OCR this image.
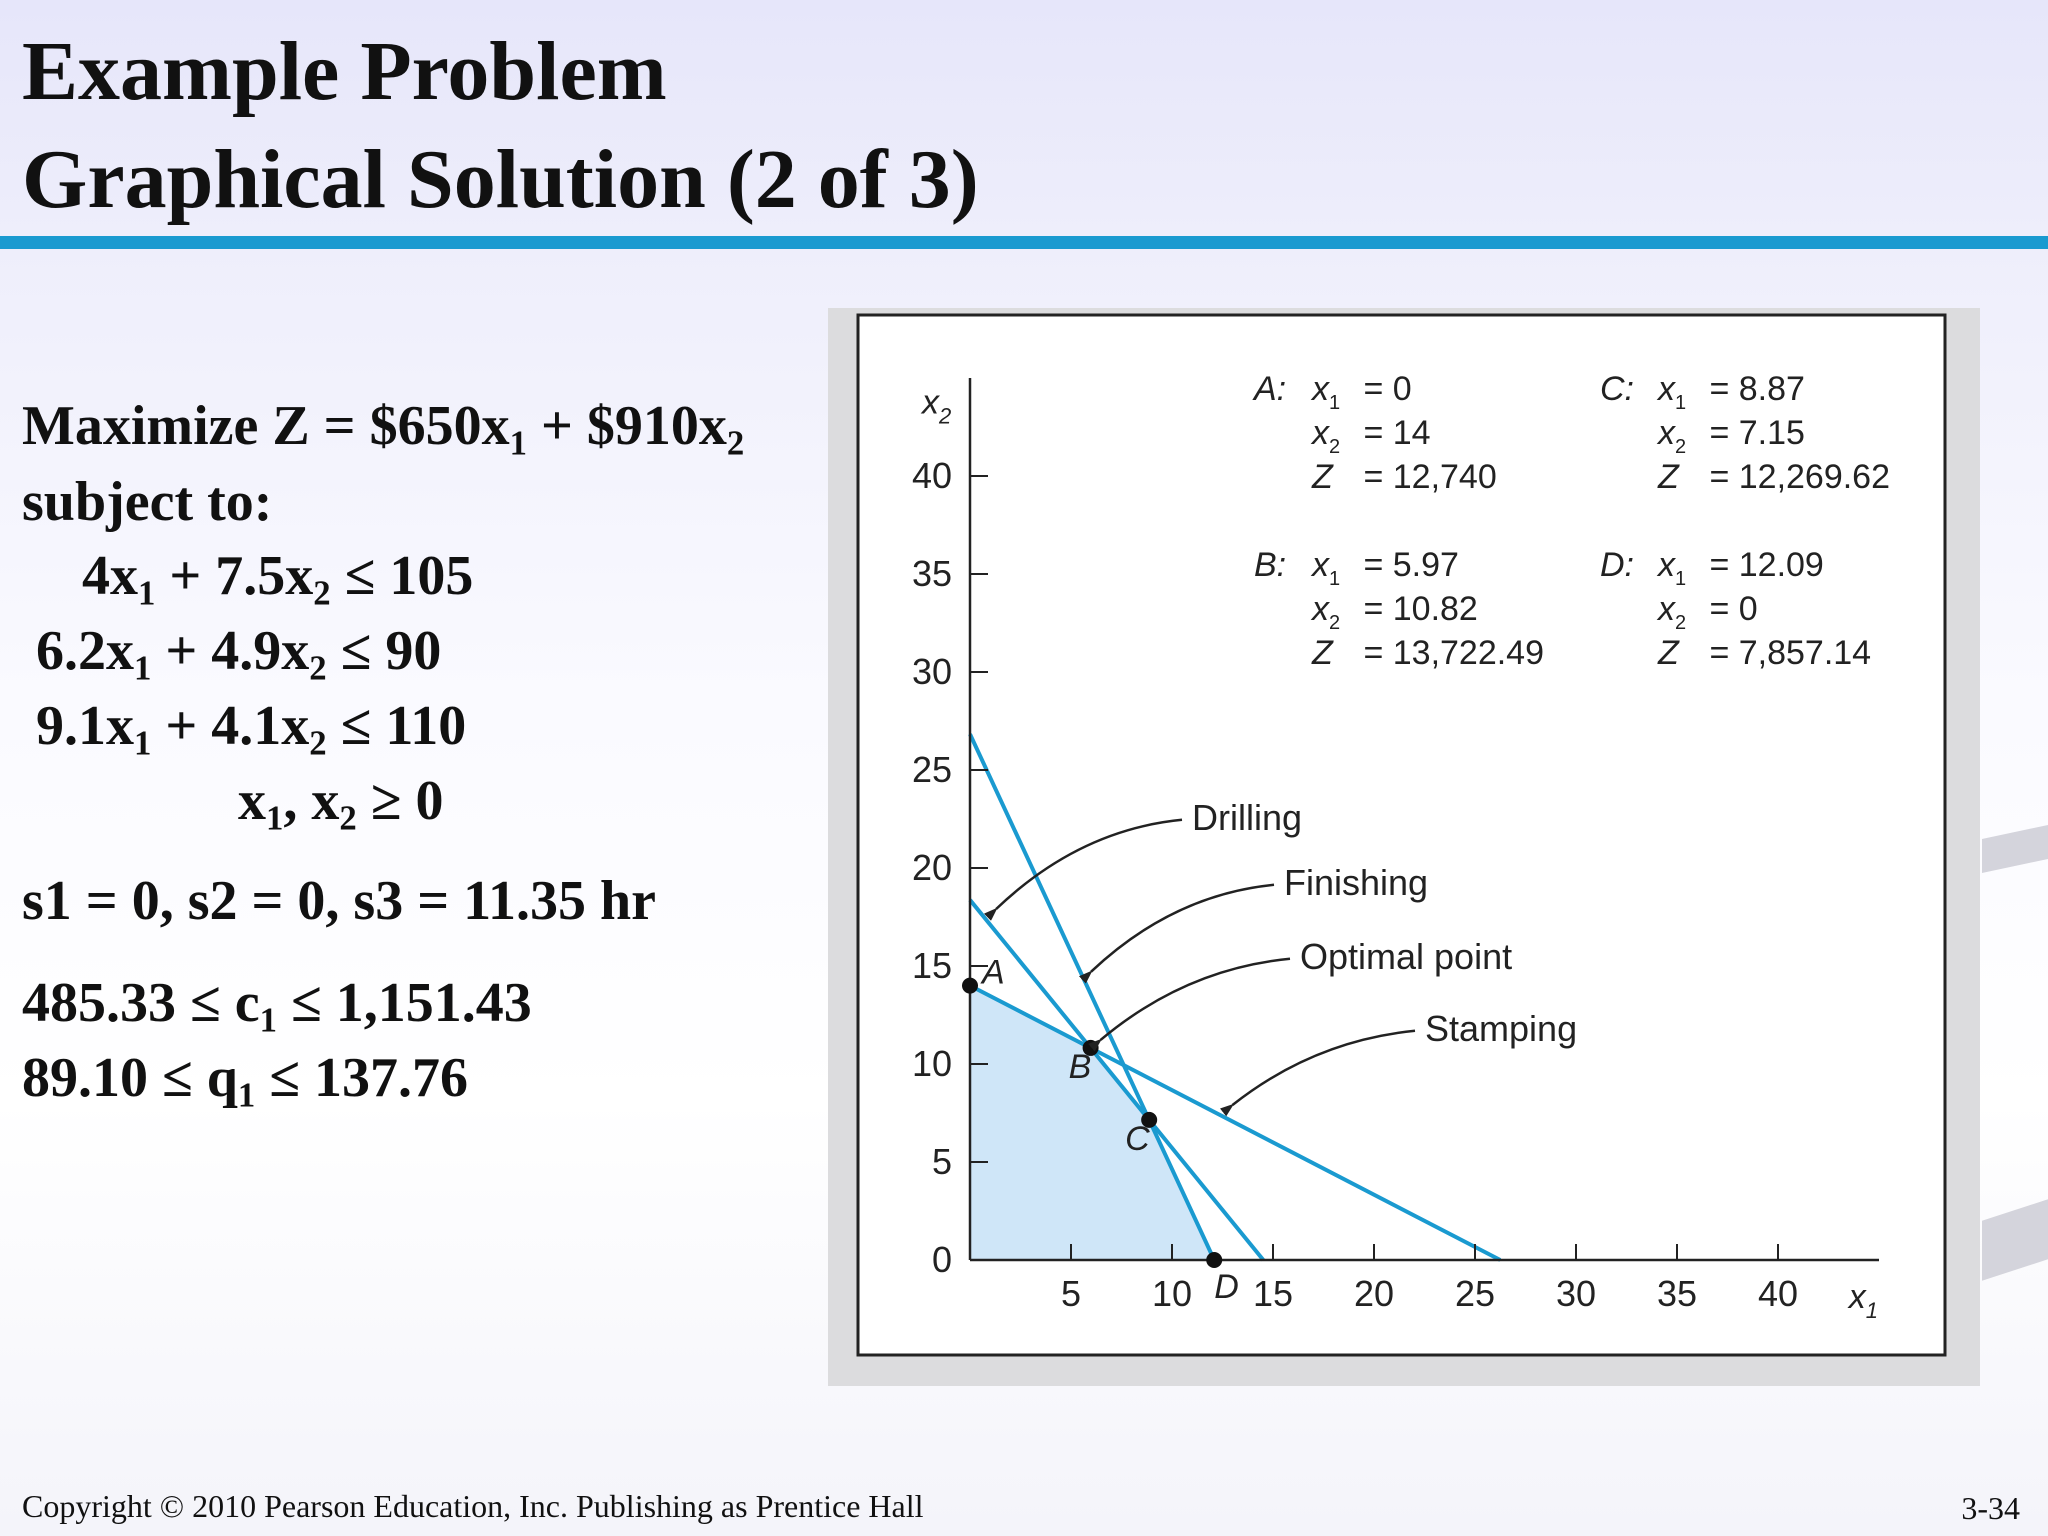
Example Problem
Graphical Solution (2 of 3)
Maximize $Z = \$650x_1$ + $\$910x_2$
subject to:
$4x_1 + 7.5x_2 \le 105$
$6.2x_1 + 4.9x_2 \le 90$
$9.1x_1 + 4.1x_2 \le 110$
$x_1$, $x_2 \ge 0$
s1 = 0, s2 = 0, s3 = 11.35 hr
$485.33 \le c_1 \le 1,151.43$
$89.10 \le q_1 \le 137.76$
5 10 15 20 25 30 35 40
0
5
10
15
20
25
30
35
40
$x_1$
$x_2$
A
B
C
D
Drilling
Finishing
Optimal point
Stamping
A: $x_1 = 0$
$x_2 = 14$
Z = 12,740
B: $x_1 = 5.97$
$x_2 = 10.82$
Z = 13,722.49
C: $x_1 = 8.87$
$x_2 = 7.15$
Z = 12,269.62
D: $x_1 = 12.09$
$x_2 = 0$
Z = 7,857.14
Copyright © 2010 Pearson Education, Inc. Publishing as Prentice Hall	3-34
